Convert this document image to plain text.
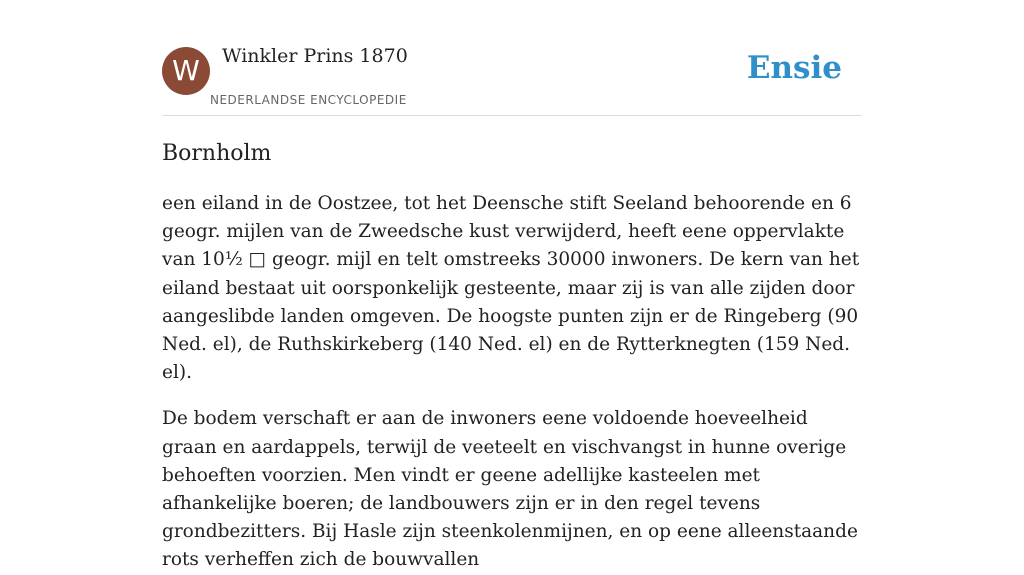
W	Winkler Prins 1870
NEDERLANDSE ENCYCLOPEDIE
Ensie
Bornholm

een eiland in de Oostzee, tot het Deensche stift Seeland behoorende en 6 geogr. mijlen van de Zweedsche kust verwijderd, heeft eene oppervlakte van 10½ □ geogr. mijl en telt omstreeks 30000 inwoners. De kern van het eiland bestaat uit oorsponkelijk gesteente, maar zij is van alle zijden door aangeslibde landen omgeven. De hoogste punten zijn er de Ringeberg (90 Ned. el), de Ruthskirkeberg (140 Ned. el) en de Rytterknegten (159 Ned. el).

De bodem verschaft er aan de inwoners eene voldoende hoeveelheid graan en aardappels, terwijl de veeteelt en vischvangst in hunne overige behoeften voorzien. Men vindt er geene adellijke kasteelen met afhankelijke boeren; de landbouwers zijn er in den regel tevens grondbezitters. Bij Hasle zijn steenkolenmijnen, en op eene alleenstaande rots verheffen zich de bouwvallen
